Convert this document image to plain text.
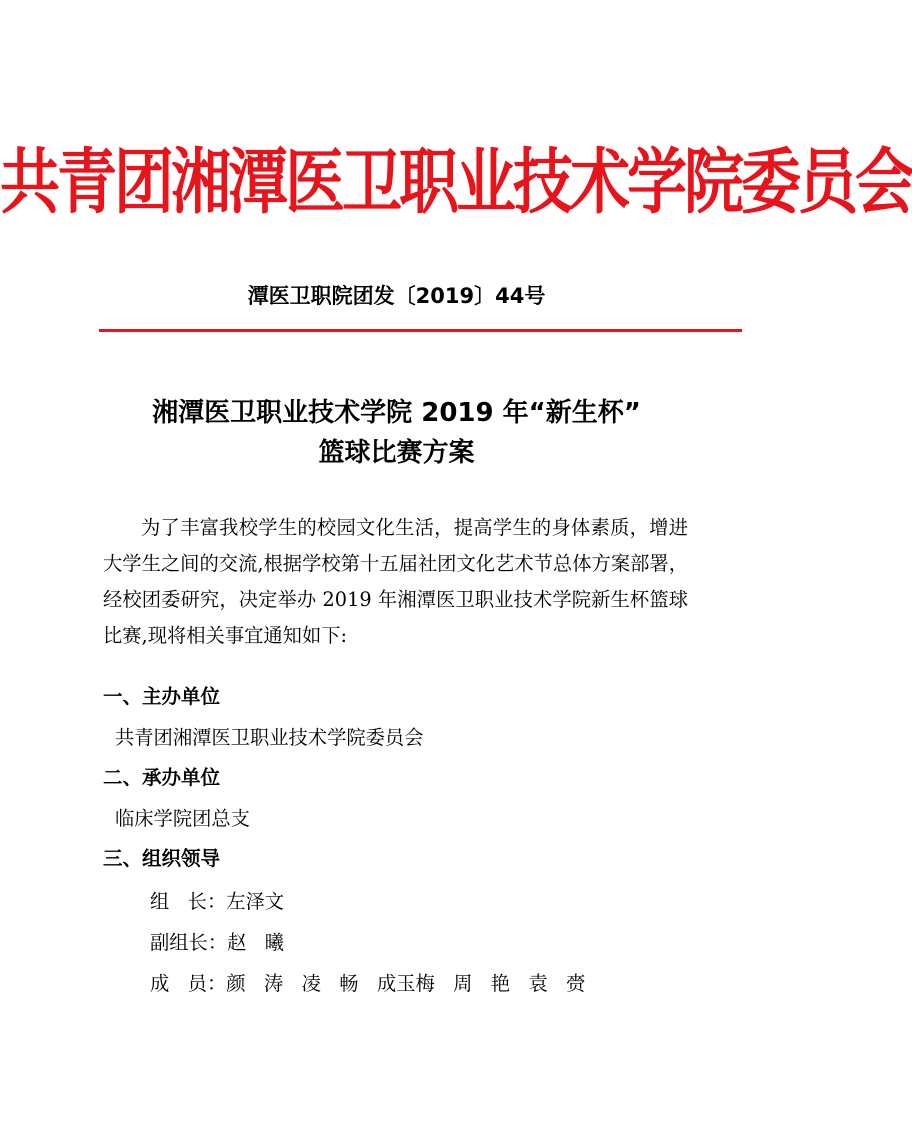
共青团湘潭医卫职业技术学院委员会
潭医卫职院团发〔2019〕44号
湘潭医卫职业技术学院 2019 年“新生杯”
篮球比赛方案
为了丰富我校学生的校园文化生活，提高学生的身体素质，增进大学生之间的交流,根据学校第十五届社团文化艺术节总体方案部署，经校团委研究，决定举办 2019 年湘潭医卫职业技术学院新生杯篮球比赛,现将相关事宜通知如下:
一、主办单位
共青团湘潭医卫职业技术学院委员会
二、承办单位
临床学院团总支
三、组织领导
组   长：左泽文
副组长：赵   曦
成   员：颜   涛   凌   畅   成玉梅   周   艳   袁   赍
